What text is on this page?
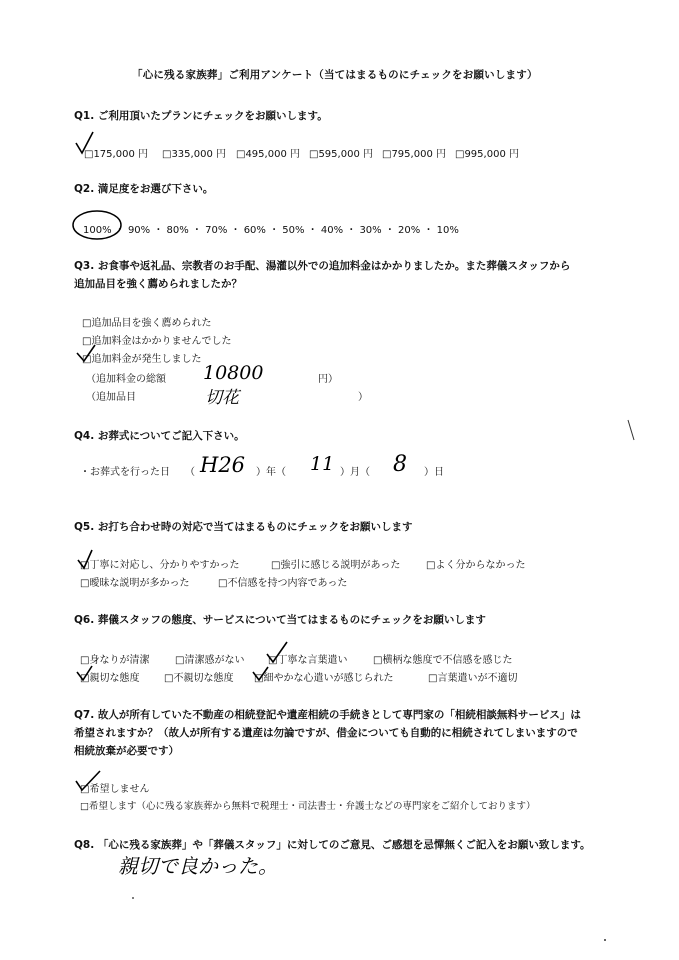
「心に残る家族葬」ご利用アンケート（当てはまるものにチェックをお願いします）
Q1. ご利用頂いたプランにチェックをお願いします。
□175,000 円 □335,000 円 □495,000 円 □595,000 円 □795,000 円 □995,000 円
Q2. 満足度をお選び下さい。
100% ・ 90% ・ 80% ・ 70% ・ 60% ・ 50% ・ 40% ・ 30% ・ 20% ・ 10%
Q3. お食事や返礼品、宗教者のお手配、湯灌以外での追加料金はかかりましたか。また葬儀スタッフから
追加品目を強く薦められましたか？
□追加品目を強く薦められた
□追加料金はかかりませんでした
□追加料金が発生しました
（追加料金の総額 10800	円）
（追加品目	切花	）
Q4. お葬式についてご記入下さい。
・お葬式を行った日 （ H26 ）年（ 11 ）月（ 8 ）日
Q5. お打ち合わせ時の対応で当てはまるものにチェックをお願いします
□丁寧に対応し、分かりやすかった	□強引に感じる説明があった	□よく分からなかった
□曖昧な説明が多かった	□不信感を持つ内容であった
Q6. 葬儀スタッフの態度、サービスについて当てはまるものにチェックをお願いします
□身なりが清潔	□清潔感がない □丁寧な言葉遣い	□横柄な態度で不信感を感じた
□親切な態度 □不親切な態度 □細やかな心遣いが感じられた	□言葉遣いが不適切
Q7. 故人が所有していた不動産の相続登記や遺産相続の手続きとして専門家の「相続相談無料サービス」は
希望されますか？（故人が所有する遺産は勿論ですが、借金についても自動的に相続されてしまいますので
相続放棄が必要です）
□希望しません
□希望します（心に残る家族葬から無料で税理士・司法書士・弁護士などの専門家をご紹介しております）
Q8. 「心に残る家族葬」や「葬儀スタッフ」に対してのご意見、ご感想を忌憚無くご記入をお願い致します。
親切で良かった。
